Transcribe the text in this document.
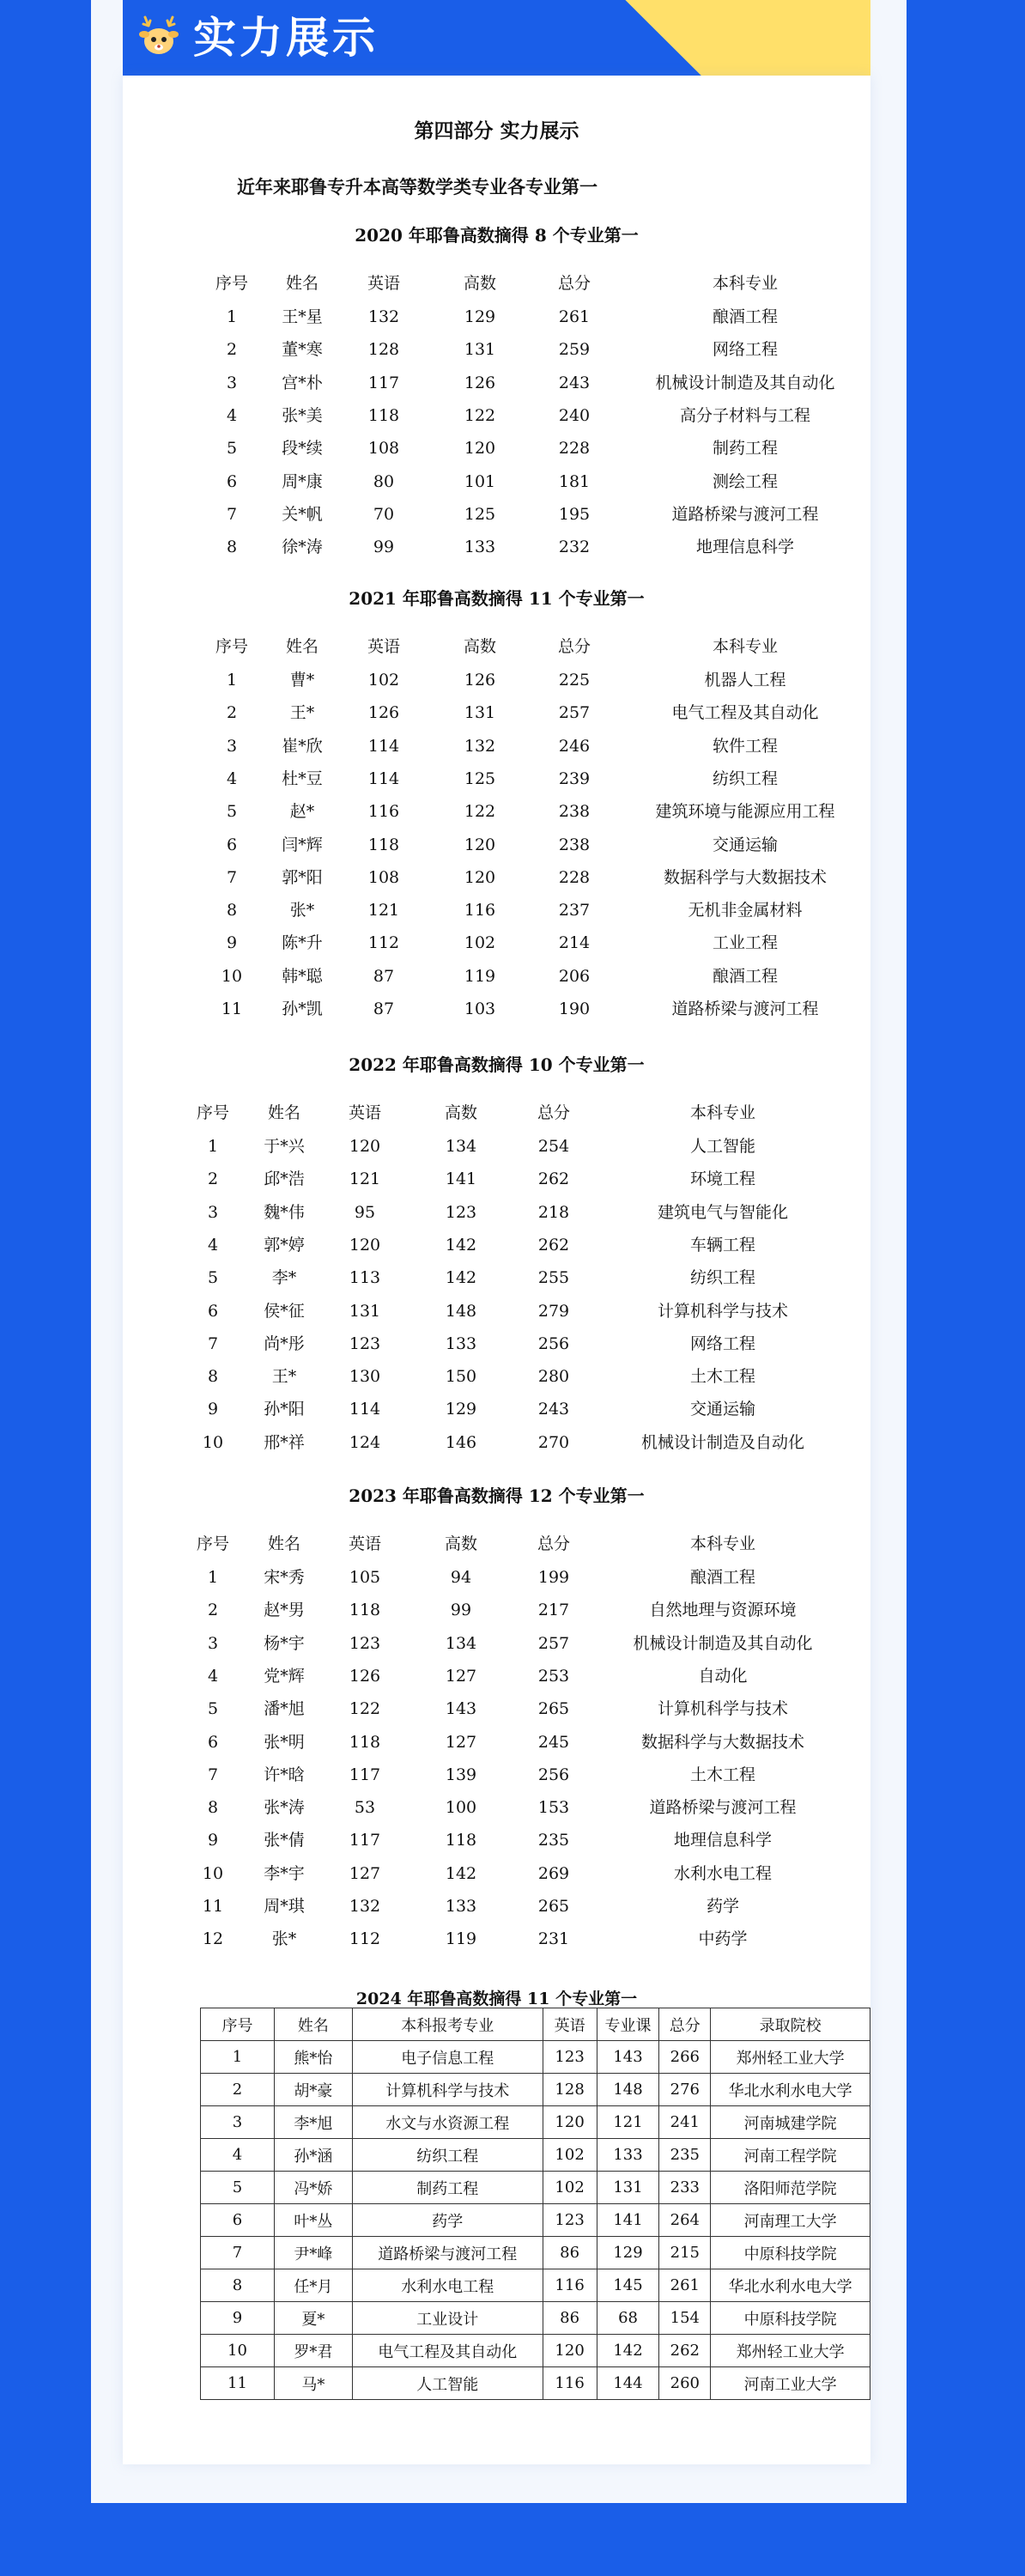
实力展示
第四部分 实力展示
近年来耶鲁专升本高等数学类专业各专业第一
2020 年耶鲁高数摘得 8 个专业第一
序号	姓名	英语	高数	总分	本科专业
1	王*星	132	129	261	酿酒工程
2	董*寒	128	131	259	网络工程
3	宫*朴	117	126	243	机械设计制造及其自动化
4	张*美	118	122	240	高分子材料与工程
5	段*续	108	120	228	制药工程
6	周*康	80	101	181	测绘工程
7	关*帆	70	125	195	道路桥梁与渡河工程
8	徐*涛	99	133	232	地理信息科学
2021 年耶鲁高数摘得 11 个专业第一
序号	姓名	英语	高数	总分	本科专业
1	曹*	102	126	225	机器人工程
2	王*	126	131	257	电气工程及其自动化
3	崔*欣	114	132	246	软件工程
4	杜*豆	114	125	239	纺织工程
5	赵*	116	122	238	建筑环境与能源应用工程
6	闫*辉	118	120	238	交通运输
7	郭*阳	108	120	228	数据科学与大数据技术
8	张*	121	116	237	无机非金属材料
9	陈*升	112	102	214	工业工程
10	韩*聪	87	119	206	酿酒工程
11	孙*凯	87	103	190	道路桥梁与渡河工程
2022 年耶鲁高数摘得 10 个专业第一
序号	姓名	英语	高数	总分	本科专业
1	于*兴	120	134	254	人工智能
2	邱*浩	121	141	262	环境工程
3	魏*伟	95	123	218	建筑电气与智能化
4	郭*婷	120	142	262	车辆工程
5	李*	113	142	255	纺织工程
6	侯*征	131	148	279	计算机科学与技术
7	尚*彤	123	133	256	网络工程
8	王*	130	150	280	土木工程
9	孙*阳	114	129	243	交通运输
10	邢*祥	124	146	270	机械设计制造及自动化
2023 年耶鲁高数摘得 12 个专业第一
序号	姓名	英语	高数	总分	本科专业
1	宋*秀	105	94	199	酿酒工程
2	赵*男	118	99	217	自然地理与资源环境
3	杨*宇	123	134	257	机械设计制造及其自动化
4	党*辉	126	127	253	自动化
5	潘*旭	122	143	265	计算机科学与技术
6	张*明	118	127	245	数据科学与大数据技术
7	许*晗	117	139	256	土木工程
8	张*涛	53	100	153	道路桥梁与渡河工程
9	张*倩	117	118	235	地理信息科学
10	李*宇	127	142	269	水利水电工程
11	周*琪	132	133	265	药学
12	张*	112	119	231	中药学
2024 年耶鲁高数摘得 11 个专业第一
序号	姓名	本科报考专业	英语	专业课	总分	录取院校
1	熊*怡	电子信息工程	123	143	266	郑州轻工业大学
2	胡*豪	计算机科学与技术	128	148	276	华北水利水电大学
3	李*旭	水文与水资源工程	120	121	241	河南城建学院
4	孙*涵	纺织工程	102	133	235	河南工程学院
5	冯*娇	制药工程	102	131	233	洛阳师范学院
6	叶*丛	药学	123	141	264	河南理工大学
7	尹*峰	道路桥梁与渡河工程	86	129	215	中原科技学院
8	任*月	水利水电工程	116	145	261	华北水利水电大学
9	夏*	工业设计	86	68	154	中原科技学院
10	罗*君	电气工程及其自动化	120	142	262	郑州轻工业大学
11	马*	人工智能	116	144	260	河南工业大学
